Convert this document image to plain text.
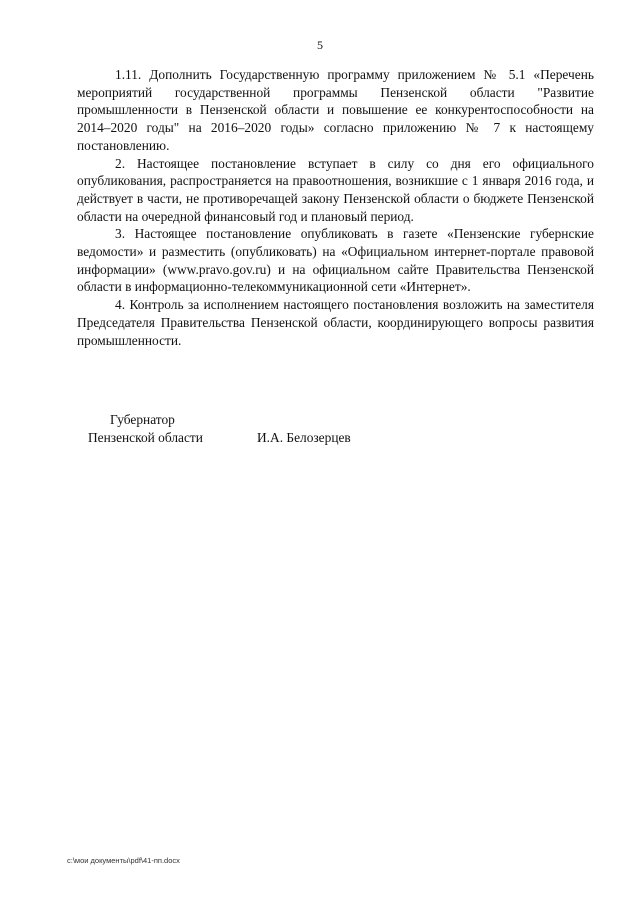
5

1.11. Дополнить Государственную программу приложением № 5.1 «Перечень мероприятий государственной программы Пензенской области "Развитие промышленности в Пензенской области и повышение ее конкурентоспособности на 2014–2020 годы" на 2016–2020 годы» согласно приложению № 7 к настоящему постановлению.

2. Настоящее постановление вступает в силу со дня его официального опубликования, распространяется на правоотношения, возникшие с 1 января 2016 года, и действует в части, не противоречащей закону Пензенской области о бюджете Пензенской области на очередной финансовый год и плановый период.

3. Настоящее постановление опубликовать в газете «Пензенские губернские ведомости» и разместить (опубликовать) на «Официальном интернет-портале правовой информации» (www.pravo.gov.ru) и на официальном сайте Правительства Пензенской области в информационно-телекоммуникационной сети «Интернет».

4. Контроль за исполнением настоящего постановления возложить на заместителя Председателя Правительства Пензенской области, координирующего вопросы развития промышленности.

Губернатор
Пензенской области	И.А. Белозерцев
c:\мои документы\pdf\41-пп.docx
